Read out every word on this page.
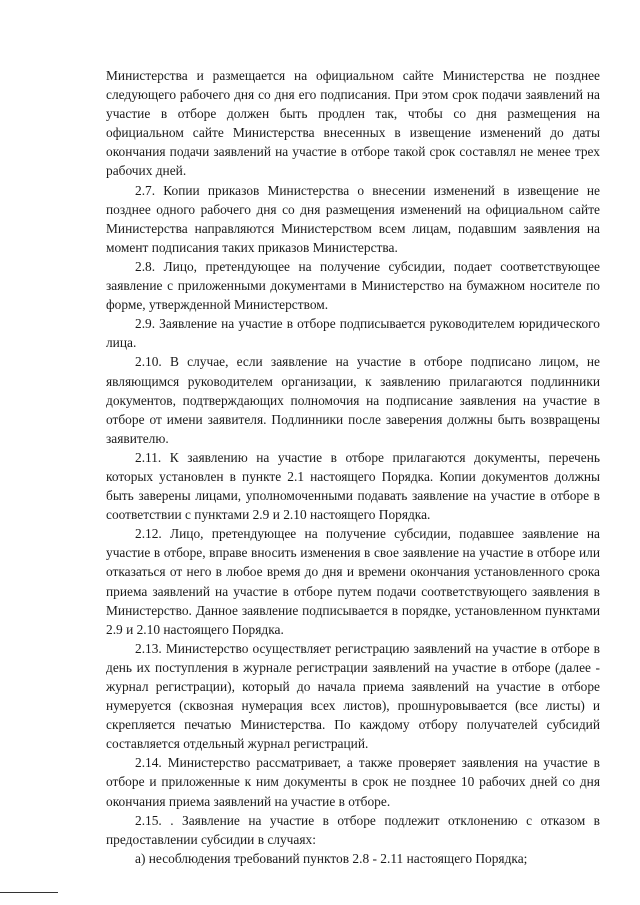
Министерства и размещается на официальном сайте Министерства не позднее следующего рабочего дня со дня его подписания. При этом срок подачи заявлений на участие в отборе должен быть продлен так, чтобы со дня размещения на официальном сайте Министерства внесенных в извещение изменений до даты окончания подачи заявлений на участие в отборе такой срок составлял не менее трех рабочих дней.

2.7. Копии приказов Министерства о внесении изменений в извещение не позднее одного рабочего дня со дня размещения изменений на официальном сайте Министерства направляются Министерством всем лицам, подавшим заявления на момент подписания таких приказов Министерства.

2.8. Лицо, претендующее на получение субсидии, подает соответствующее заявление с приложенными документами в Министерство на бумажном носителе по форме, утвержденной Министерством.

2.9. Заявление на участие в отборе подписывается руководителем юридического лица.

2.10. В случае, если заявление на участие в отборе подписано лицом, не являющимся руководителем организации, к заявлению прилагаются подлинники документов, подтверждающих полномочия на подписание заявления на участие в отборе от имени заявителя. Подлинники после заверения должны быть возвращены заявителю.

2.11. К заявлению на участие в отборе прилагаются документы, перечень которых установлен в пункте 2.1 настоящего Порядка. Копии документов должны быть заверены лицами, уполномоченными подавать заявление на участие в отборе в соответствии с пунктами 2.9 и 2.10 настоящего Порядка.

2.12. Лицо, претендующее на получение субсидии, подавшее заявление на участие в отборе, вправе вносить изменения в свое заявление на участие в отборе или отказаться от него в любое время до дня и времени окончания установленного срока приема заявлений на участие в отборе путем подачи соответствующего заявления в Министерство. Данное заявление подписывается в порядке, установленном пунктами 2.9 и 2.10 настоящего Порядка.

2.13. Министерство осуществляет регистрацию заявлений на участие в отборе в день их поступления в журнале регистрации заявлений на участие в отборе (далее - журнал регистрации), который до начала приема заявлений на участие в отборе нумеруется (сквозная нумерация всех листов), прошнуровывается (все листы) и скрепляется печатью Министерства. По каждому отбору получателей субсидий составляется отдельный журнал регистраций.

2.14. Министерство рассматривает, а также проверяет заявления на участие в отборе и приложенные к ним документы в срок не позднее 10 рабочих дней со дня окончания приема заявлений на участие в отборе.

2.15. . Заявление на участие в отборе подлежит отклонению с отказом в предоставлении субсидии в случаях:

а) несоблюдения требований пунктов 2.8 - 2.11 настоящего Порядка;
